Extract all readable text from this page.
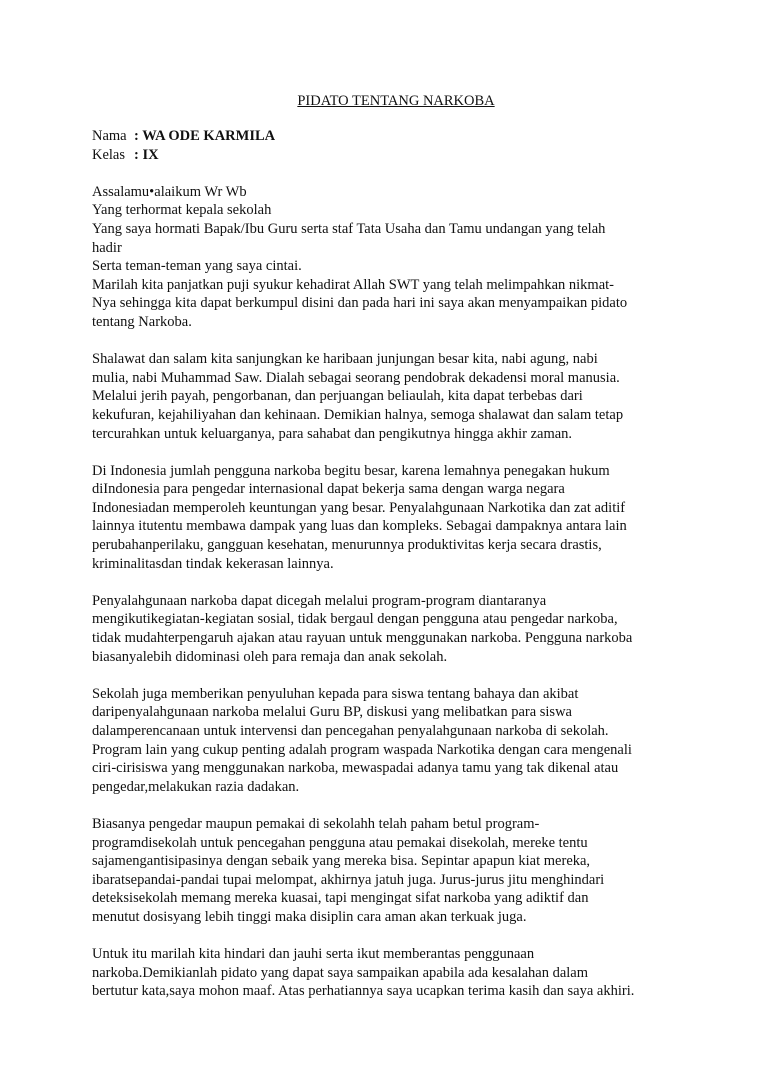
PIDATO TENTANG NARKOBA
Nama : WA ODE KARMILA
Kelas : IX
Assalamu•alaikum Wr Wb
Yang terhormat kepala sekolah
Yang saya hormati Bapak/Ibu Guru serta staf Tata Usaha dan Tamu undangan yang telah
hadir
Serta teman-teman yang saya cintai.
Marilah kita panjatkan puji syukur kehadirat Allah SWT yang telah melimpahkan nikmat-
Nya sehingga kita dapat berkumpul disini dan pada hari ini saya akan menyampaikan pidato
tentang Narkoba.
Shalawat dan salam kita sanjungkan ke haribaan junjungan besar kita, nabi agung, nabi
mulia, nabi Muhammad Saw. Dialah sebagai seorang pendobrak dekadensi moral manusia.
Melalui jerih payah, pengorbanan, dan perjuangan beliaulah, kita dapat terbebas dari
kekufuran, kejahiliyahan dan kehinaan. Demikian halnya, semoga shalawat dan salam tetap
tercurahkan untuk keluarganya, para sahabat dan pengikutnya hingga akhir zaman.
Di Indonesia jumlah pengguna narkoba begitu besar, karena lemahnya penegakan hukum
diIndonesia para pengedar internasional dapat bekerja sama dengan warga negara
Indonesiadan memperoleh keuntungan yang besar. Penyalahgunaan Narkotika dan zat aditif
lainnya itutentu membawa dampak yang luas dan kompleks. Sebagai dampaknya antara lain
perubahanperilaku, gangguan kesehatan, menurunnya produktivitas kerja secara drastis,
kriminalitasdan tindak kekerasan lainnya.
Penyalahgunaan narkoba dapat dicegah melalui program-program diantaranya
mengikutikegiatan-kegiatan sosial, tidak bergaul dengan pengguna atau pengedar narkoba,
tidak mudahterpengaruh ajakan atau rayuan untuk menggunakan narkoba. Pengguna narkoba
biasanyalebih didominasi oleh para remaja dan anak sekolah.
Sekolah juga memberikan penyuluhan kepada para siswa tentang bahaya dan akibat
daripenyalahgunaan narkoba melalui Guru BP, diskusi yang melibatkan para siswa
dalamperencanaan untuk intervensi dan pencegahan penyalahgunaan narkoba di sekolah.
Program lain yang cukup penting adalah program waspada Narkotika dengan cara mengenali
ciri-cirisiswa yang menggunakan narkoba, mewaspadai adanya tamu yang tak dikenal atau
pengedar,melakukan razia dadakan.
Biasanya pengedar maupun pemakai di sekolahh telah paham betul program-
programdisekolah untuk pencegahan pengguna atau pemakai disekolah, mereke tentu
sajamengantisipasinya dengan sebaik yang mereka bisa. Sepintar apapun kiat mereka,
ibaratsepandai-pandai tupai melompat, akhirnya jatuh juga. Jurus-jurus jitu menghindari
deteksisekolah memang mereka kuasai, tapi mengingat sifat narkoba yang adiktif dan
menutut dosisyang lebih tinggi maka disiplin cara aman akan terkuak juga.
Untuk itu marilah kita hindari dan jauhi serta ikut memberantas penggunaan
narkoba.Demikianlah pidato yang dapat saya sampaikan apabila ada kesalahan dalam
bertutur kata,saya mohon maaf. Atas perhatiannya saya ucapkan terima kasih dan saya akhiri.
